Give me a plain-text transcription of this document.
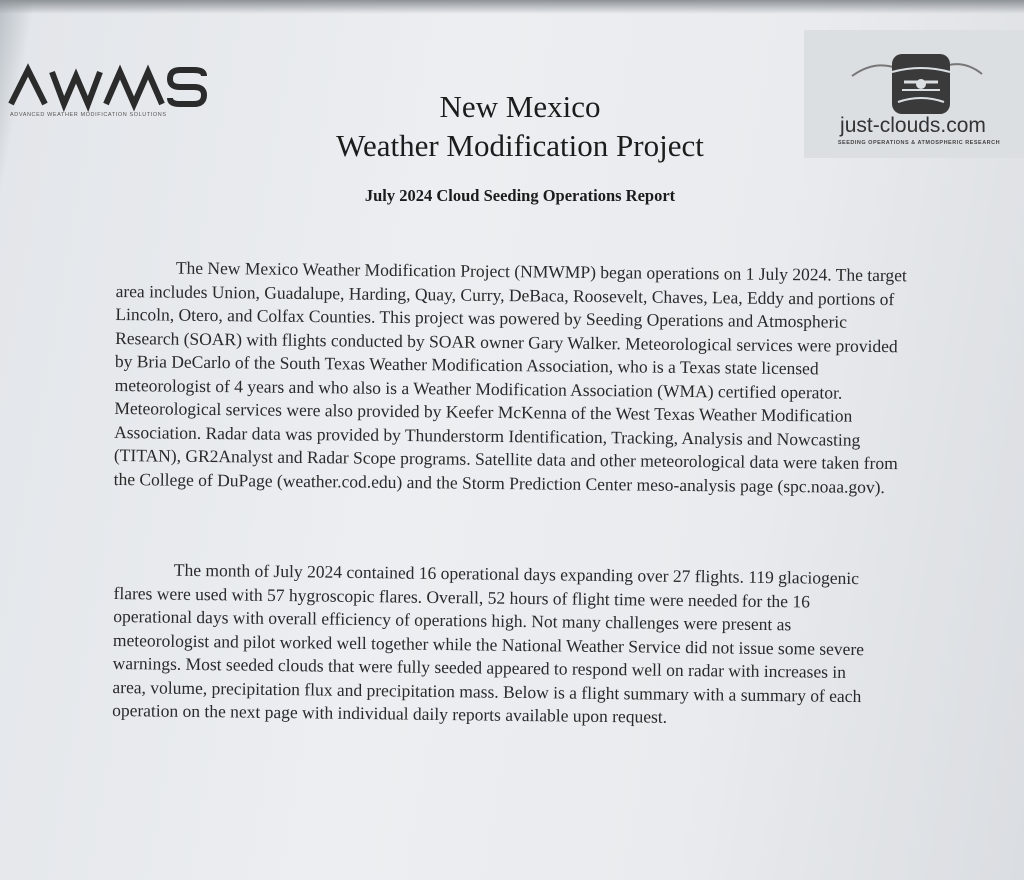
ADVANCED WEATHER MODIFICATION SOLUTIONS	just-clouds.com
SEEDING OPERATIONS & ATMOSPHERIC RESEARCH
New Mexico
Weather Modification Project
July 2024 Cloud Seeding Operations Report

The New Mexico Weather Modification Project (NMWMP) began operations on 1 July 2024. The target area includes Union, Guadalupe, Harding, Quay, Curry, DeBaca, Roosevelt, Chaves, Lea, Eddy and portions of Lincoln, Otero, and Colfax Counties. This project was powered by Seeding Operations and Atmospheric Research (SOAR) with flights conducted by SOAR owner Gary Walker. Meteorological services were provided by Bria DeCarlo of the South Texas Weather Modification Association, who is a Texas state licensed meteorologist of 4 years and who also is a Weather Modification Association (WMA) certified operator. Meteorological services were also provided by Keefer McKenna of the West Texas Weather Modification Association. Radar data was provided by Thunderstorm Identification, Tracking, Analysis and Nowcasting (TITAN), GR2Analyst and Radar Scope programs. Satellite data and other meteorological data were taken from the College of DuPage (weather.cod.edu) and the Storm Prediction Center meso-analysis page (spc.noaa.gov).

The month of July 2024 contained 16 operational days expanding over 27 flights. 119 glaciogenic flares were used with 57 hygroscopic flares. Overall, 52 hours of flight time were needed for the 16 operational days with overall efficiency of operations high. Not many challenges were present as meteorologist and pilot worked well together while the National Weather Service did not issue some severe warnings. Most seeded clouds that were fully seeded appeared to respond well on radar with increases in area, volume, precipitation flux and precipitation mass. Below is a flight summary with a summary of each operation on the next page with individual daily reports available upon request.
